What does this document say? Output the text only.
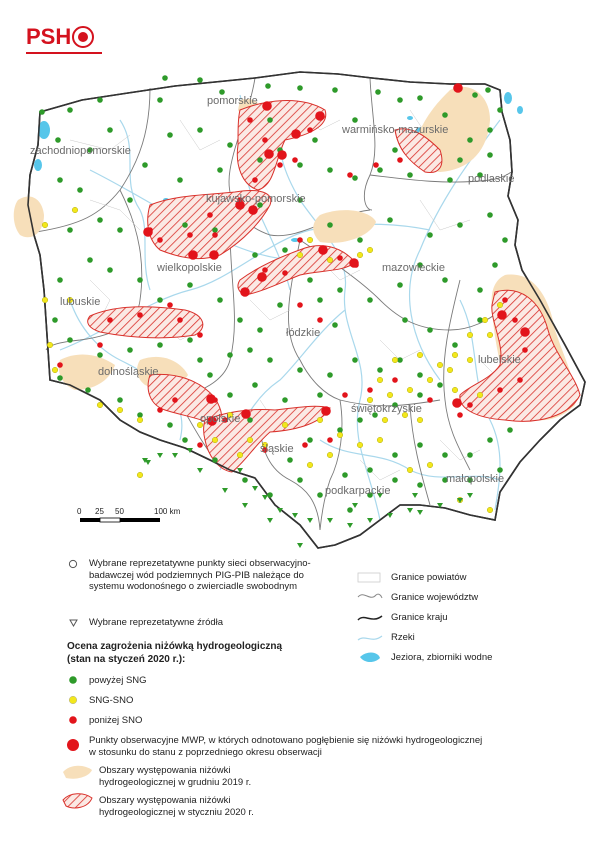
PSH
pomorskie
warmińsko-mazurskie
zachodniopomorskie
podlaskie
kujawsko-pomorskie
wielkopolskie	mazowieckie
lubuskie
łódzkie
lubelskie
dolnośląskie
świętokrzyskie
opolskie
śląskie
małopolskie
podkarpackie
0 25 50	100 km
Wybrane reprezetatywne punkty sieci obserwacyjno-badawczej wód podziemnych PIG-PIB należące do systemu wodonośnego o zwierciadle swobodnym
Wybrane reprezetatywne źródła
Ocena zagrożenia niżówką hydrogeologiczną (stan na styczeń 2020 r.):
powyżej SNG
SNG-SNO
poniżej SNO
Punkty obserwacyjne MWP, w których odnotowano pogłębienie się niżówki hydrogeologicznej w stosunku do stanu z poprzedniego okresu obserwacji
Obszary występowania niżówki hydrogeologicznej w grudniu 2019 r.
Obszary występowania niżówki hydrogeologicznej w styczniu 2020 r.
Granice powiatów
Granice województw
Granice kraju
Rzeki
Jeziora, zbiorniki wodne
